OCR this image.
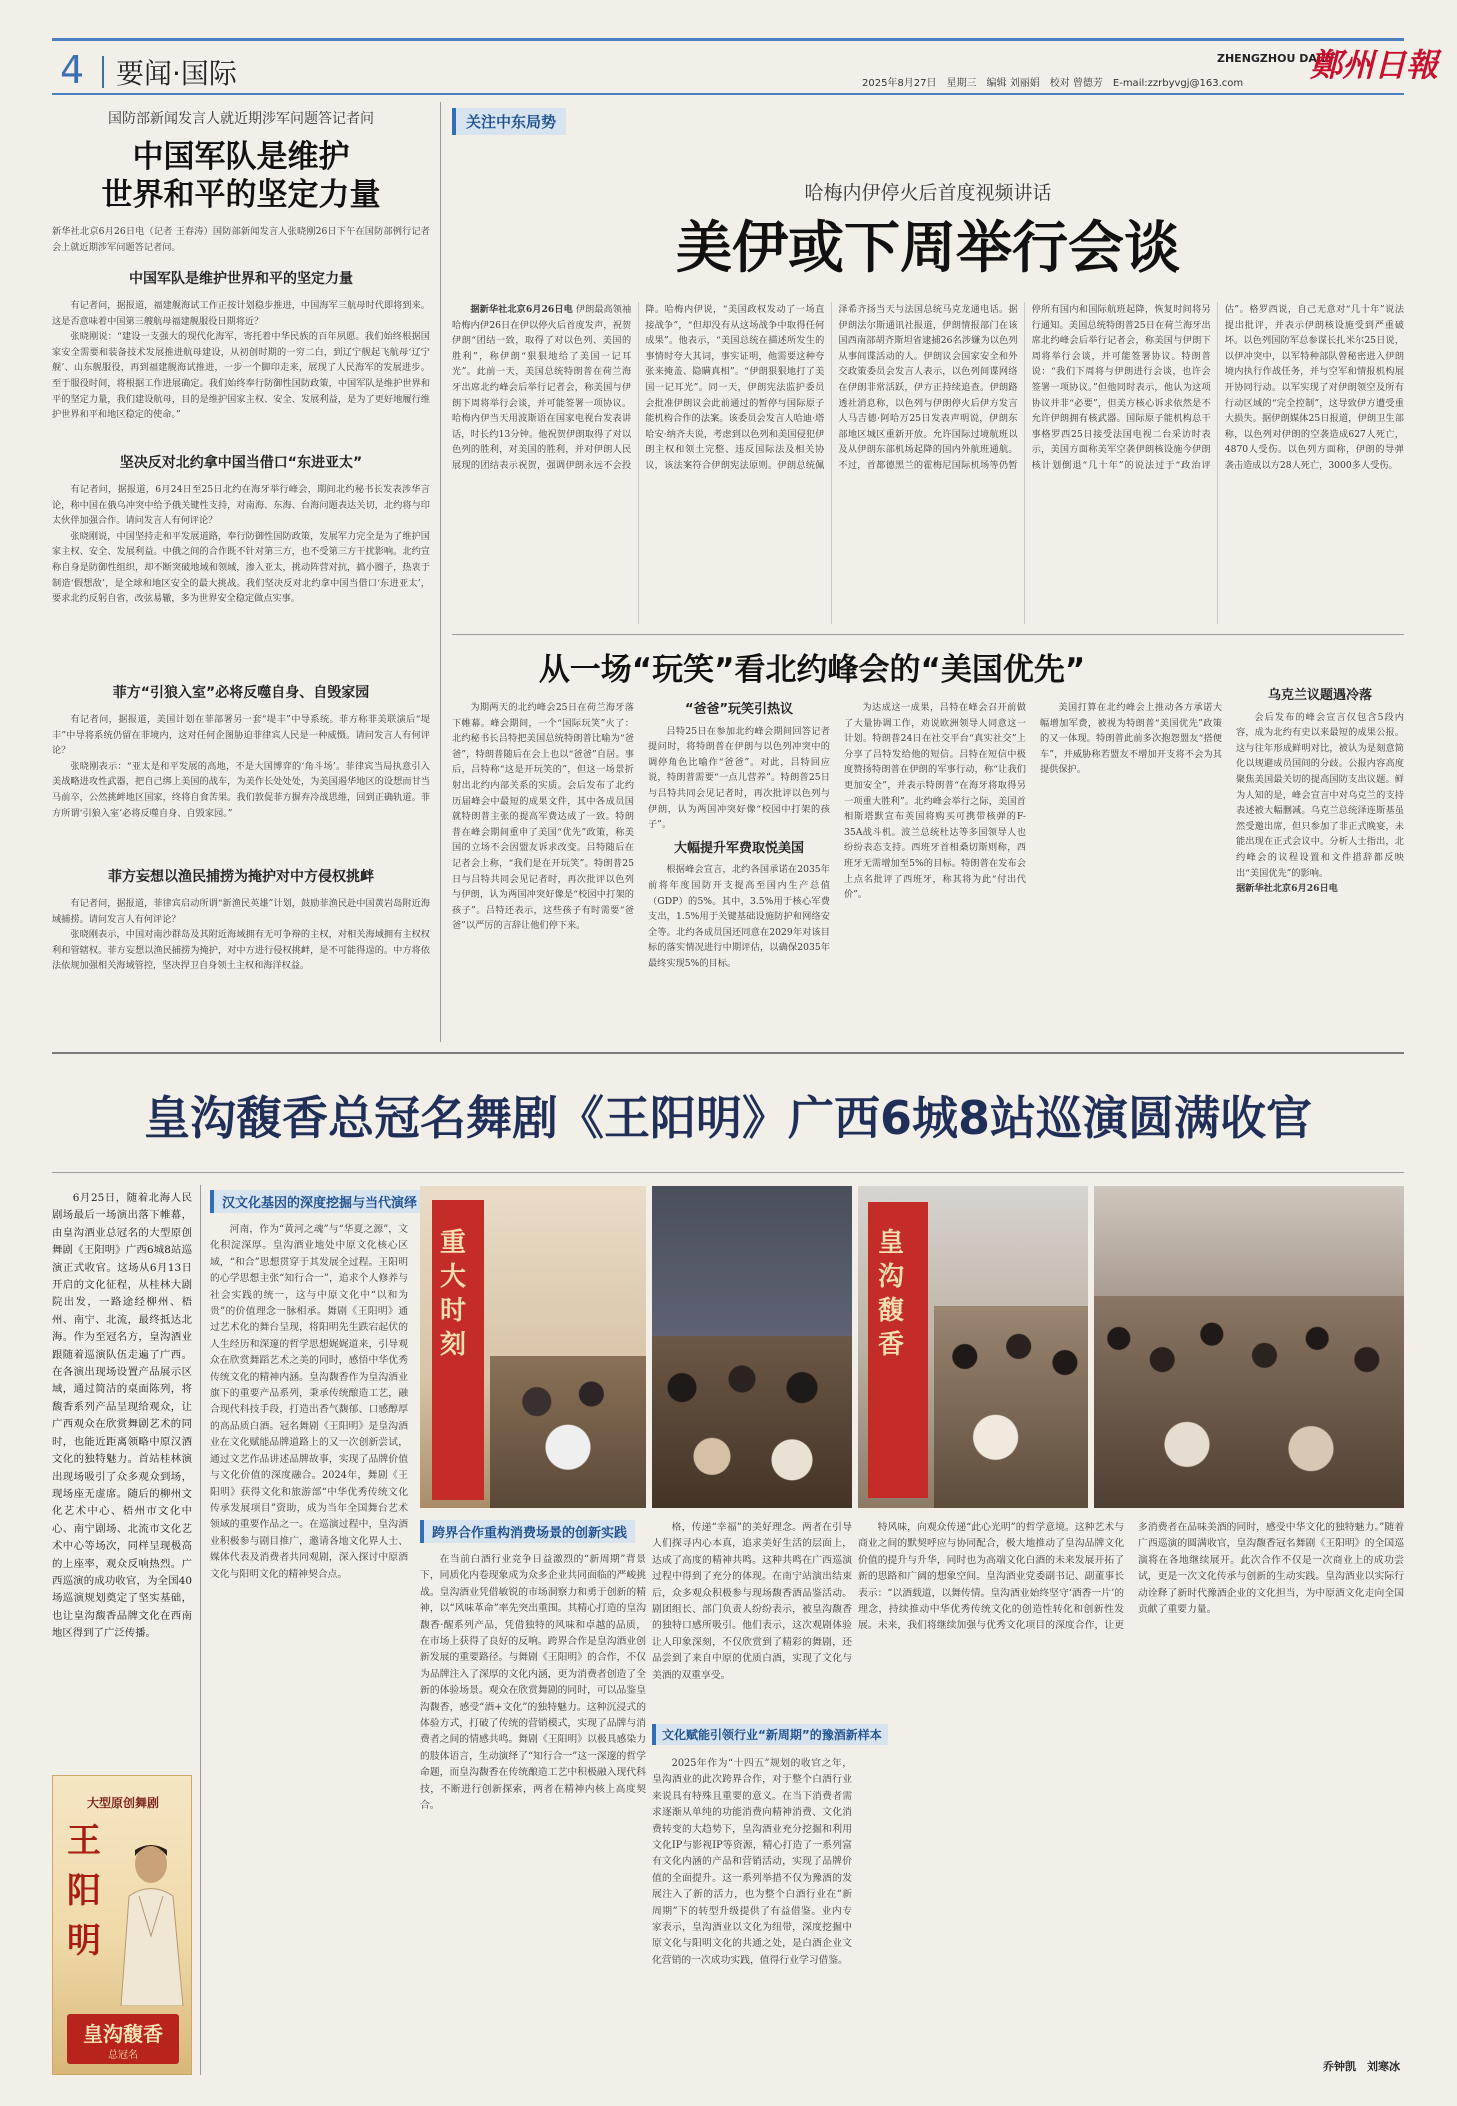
4 要闻·国际	2025年8月27日　星期三　编辑 刘丽娟　校对 曾德芳　E-mail:zzrbyvgj@163.com
ZHENGZHOU DAILY
鄭州日報
国防部新闻发言人就近期涉军问题答记者问
中国军队是维护
世界和平的坚定力量
新华社北京6月26日电（记者 王春涛）国防部新闻发言人张晓刚26日下午在国防部例行记者会上就近期涉军问题答记者问。
中国军队是维护世界和平的坚定力量

有记者问，据报道，福建舰海试工作正按计划稳步推进，中国海军三航母时代即将到来。这是否意味着中国第三艘航母福建舰服役日期将近？

张晓刚说：“建设一支强大的现代化海军，寄托着中华民族的百年夙愿。我们始终根据国家安全需要和装备技术发展推进航母建设，从初创时期的一穷二白，到辽宁舰起飞航母‘辽宁舰’、山东舰服役，再到福建舰海试推进，一步一个脚印走来，展现了人民海军的发展进步。至于服役时间，将根据工作进展确定。我们始终奉行防御性国防政策，中国军队是维护世界和平的坚定力量，我们建设航母，目的是维护国家主权、安全、发展利益，是为了更好地履行维护世界和平和地区稳定的使命。”

坚决反对北约拿中国当借口“东进亚太”

有记者问，据报道，6月24日至25日北约在海牙举行峰会，期间北约秘书长发表涉华言论，称中国在俄乌冲突中给予俄关键性支持，对南海、东海、台海问题表达关切，北约将与印太伙伴加强合作。请问发言人有何评论？

张晓刚说，中国坚持走和平发展道路，奉行防御性国防政策，发展军力完全是为了维护国家主权、安全、发展利益。中俄之间的合作既不针对第三方，也不受第三方干扰影响。北约宣称自身是防御性组织，却不断突破地域和领域，渗入亚太，挑动阵营对抗，搞小圈子，热衷于制造‘假想敌’，是全球和地区安全的最大挑战。我们坚决反对北约拿中国当借口‘东进亚太’，要求北约反躬自省，改弦易辙，多为世界安全稳定做点实事。

菲方“引狼入室”必将反噬自身、自毁家园

有记者问，据报道，美国计划在菲部署另一套“堤丰”中导系统。菲方称菲美联演后“堤丰”中导将系统仍留在菲境内，这对任何企图胁迫菲律宾人民是一种威慑。请问发言人有何评论？

张晓刚表示：“亚太是和平发展的高地，不是大国博弈的‘角斗场’。菲律宾当局执意引入美战略进攻性武器，把自己绑上美国的战车，为美作长处处处，为美国遏华地区的设想而甘当马前卒，公然挑衅地区国家，终将自食苦果。我们敦促菲方摒弃冷战思维，回到正确轨道。菲方所谓‘引狼入室’必将反噬自身、自毁家园。”

菲方妄想以渔民捕捞为掩护对中方侵权挑衅

有记者问，据报道，菲律宾启动所谓“新渔民英雄”计划，鼓励菲渔民赴中国黄岩岛附近海域捕捞。请问发言人有何评论？

张晓刚表示，中国对南沙群岛及其附近海域拥有无可争辩的主权，对相关海域拥有主权权利和管辖权。菲方妄想以渔民捕捞为掩护，对中方进行侵权挑衅，是不可能得逞的。中方将依法依规加强相关海域管控，坚决捍卫自身领土主权和海洋权益。

关注中东局势
哈梅内伊停火后首度视频讲话
美伊或下周举行会谈

据新华社北京6月26日电 伊朗最高领袖哈梅内伊26日在伊以停火后首度发声，祝贺伊朗“团结一致，取得了对以色列、美国的胜利”，称伊朗“狠狠地给了美国一记耳光”。此前一天，美国总统特朗普在荷兰海牙出席北约峰会后举行记者会，称美国与伊朗下周将举行会谈，并可能签署一项协议。哈梅内伊当天用波斯语在国家电视台发表讲话，时长约13分钟。他祝贺伊朗取得了对以色列的胜利，对美国的胜利，并对伊朗人民展现的团结表示祝贺，强调伊朗永远不会投降。哈梅内伊说，“美国政权发动了一场直接战争”，“但却没有从这场战争中取得任何成果”。他表示，“美国总统在描述所发生的事情时夸大其词，事实证明，他需要这种夸张来掩盖、隐瞒真相”。“伊朗狠狠地打了美国一记耳光”。同一天，伊朗宪法监护委员会批准伊朗议会此前通过的暂停与国际原子能机构合作的法案。该委员会发言人哈迪·塔哈安·纳齐夫说，考虑到以色列和美国侵犯伊朗主权和领土完整、违反国际法及相关协议，该法案符合伊朗宪法原则。伊朗总统佩泽希齐扬当天与法国总统马克龙通电话。据伊朗法尔斯通讯社报道，伊朗情报部门在该国西南部胡齐斯坦省逮捕26名涉嫌为以色列从事间谍活动的人。伊朗议会国家安全和外交政策委员会发言人表示，以色列间谍网络在伊朗非常活跃，伊方正持续追查。伊朗路透社消息称，以色列与伊朗停火后伊方发言人马吉德·阿哈万25日发表声明说，伊朗东部地区城区重新开放。允许国际过境航班以及从伊朗东部机场起降的国内外航班通航。不过，首都德黑兰的霍梅尼国际机场等仍暂停所有国内和国际航班起降，恢复时间将另行通知。美国总统特朗普25日在荷兰海牙出席北约峰会后举行记者会，称美国与伊朗下周将举行会谈，并可能签署协议。特朗普说：“我们下周将与伊朗进行会谈，也许会签署一项协议。”但他同时表示，他认为这项协议并非“必要”，但美方核心诉求依然是不允许伊朗拥有核武器。国际原子能机构总干事格罗西25日接受法国电视二台采访时表示，美国方面称美军空袭伊朗核设施今伊朗核计划倒退“几十年”的说法过于“政治评估”。格罗西说，自己无意对“几十年”说法提出批评，并表示伊朗核设施受到严重破坏。以色列国防军总参谋长扎米尔25日说，以伊冲突中，以军特种部队曾秘密进入伊朗境内执行作战任务，并与空军和情报机构展开协同行动。以军实现了对伊朗领空及所有行动区域的“完全控制”，这导致伊方遭受重大损失。据伊朗媒体25日报道，伊朗卫生部称，以色列对伊朗的空袭造成627人死亡，4870人受伤。以色列方面称，伊朗的导弹袭击造成以方28人死亡，3000多人受伤。

从一场“玩笑”看北约峰会的“美国优先”

为期两天的北约峰会25日在荷兰海牙落下帷幕。峰会期间，一个“国际玩笑”火了：北约秘书长吕特把美国总统特朗普比喻为“爸爸”，特朗普随后在会上也以“爸爸”自居。事后，吕特称“这是开玩笑的”，但这一场景折射出北约内部关系的实质。会后发布了北约历届峰会中最短的成果文件，其中各成员国就特朗普主张的提高军费达成了一致。特朗普在峰会期间重申了美国“优先”政策，称美国的立场不会因盟友诉求改变。吕特随后在记者会上称，“我们是在开玩笑”。特朗普25日与吕特共同会见记者时，再次批评以色列与伊朗，认为两国冲突好像是“校园中打架的孩子”。吕特还表示，这些孩子有时需要“爸爸”以严厉的言辞让他们停下来。

“爸爸”玩笑引热议

吕特25日在参加北约峰会期间回答记者提问时，将特朗普在伊朗与以色列冲突中的调停角色比喻作“爸爸”。对此，吕特回应说，特朗普需要“一点儿营养”。特朗普25日与吕特共同会见记者时，再次批评以色列与伊朗，认为两国冲突好像“校园中打架的孩子”。

大幅提升军费取悦美国

根据峰会宣言，北约各国承诺在2035年前将年度国防开支提高至国内生产总值（GDP）的5%。其中，3.5%用于核心军费支出，1.5%用于关键基础设施防护和网络安全等。北约各成员国还同意在2029年对该目标的落实情况进行中期评估，以确保2035年最终实现5%的目标。

为达成这一成果，吕特在峰会召开前做了大量协调工作，劝说欧洲领导人同意这一计划。特朗普24日在社交平台“真实社交”上分享了吕特发给他的短信。吕特在短信中极度赞扬特朗普在伊朗的军事行动，称“让我们更加安全”，并表示特朗普“在海牙将取得另一项重大胜利”。北约峰会举行之际，美国首相斯塔默宣布英国将购买可携带核弹的F-35A战斗机。波兰总统杜达等多国领导人也纷纷表态支持。西班牙首相桑切斯则称，西班牙无需增加至5%的目标。特朗普在发布会上点名批评了西班牙，称其将为此“付出代价”。

美国打算在北约峰会上推动各方承诺大幅增加军费，被视为特朗普“美国优先”政策的又一体现。特朗普此前多次抱怨盟友“搭便车”，并威胁称若盟友不增加开支将不会为其提供保护。

乌克兰议题遇冷落

会后发布的峰会宣言仅包含5段内容，成为北约有史以来最短的成果公报。这与往年形成鲜明对比，被认为是刻意简化以规避成员国间的分歧。公报内容高度聚焦美国最关切的提高国防支出议题。鲜为人知的是，峰会宣言中对乌克兰的支持表述被大幅删减。乌克兰总统泽连斯基虽然受邀出席，但只参加了非正式晚宴，未能出现在正式会议中。分析人士指出，北约峰会的议程设置和文件措辞都反映出“美国优先”的影响。

据新华社北京6月26日电

皇沟馥香总冠名舞剧《王阳明》广西6城8站巡演圆满收官

6月25日，随着北海人民剧场最后一场演出落下帷幕，由皇沟酒业总冠名的大型原创舞剧《王阳明》广西6城8站巡演正式收官。这场从6月13日开启的文化征程，从桂林大剧院出发，一路途经柳州、梧州、南宁、北流，最终抵达北海。作为至冠名方，皇沟酒业跟随着巡演队伍走遍了广西。在各演出现场设置产品展示区域，通过简洁的桌面陈列，将馥香系列产品呈现给观众，让广西观众在欣赏舞剧艺术的同时，也能近距离领略中原汉酒文化的独特魅力。首站桂林演出现场吸引了众多观众到场，现场座无虚席。随后的柳州文化艺术中心、梧州市文化中心、南宁剧场、北流市文化艺术中心等场次，同样呈现极高的上座率，观众反响热烈。广西巡演的成功收官，为全国40场巡演规划奠定了坚实基础，也让皇沟馥香品牌文化在西南地区得到了广泛传播。

大型原创舞剧
王阳明
皇沟馥香
总冠名
汉文化基因的深度挖掘与当代演绎

河南，作为“黄河之魂”与“华夏之源”，文化积淀深厚。皇沟酒业地处中原文化核心区域，“和合”思想贯穿于其发展全过程。王阳明的心学思想主张“知行合一”，追求个人修养与社会实践的统一，这与中原文化中“以和为贵”的价值理念一脉相承。舞剧《王阳明》通过艺术化的舞台呈现，将阳明先生跌宕起伏的人生经历和深邃的哲学思想娓娓道来，引导观众在欣赏舞蹈艺术之美的同时，感悟中华优秀传统文化的精神内涵。皇沟馥香作为皇沟酒业旗下的重要产品系列，秉承传统酿造工艺，融合现代科技手段，打造出香气馥郁、口感醇厚的高品质白酒。冠名舞剧《王阳明》是皇沟酒业在文化赋能品牌道路上的又一次创新尝试，通过文艺作品讲述品牌故事，实现了品牌价值与文化价值的深度融合。2024年，舞剧《王阳明》获得文化和旅游部“中华优秀传统文化传承发展项目”资助，成为当年全国舞台艺术领域的重要作品之一。在巡演过程中，皇沟酒业积极参与剧目推广，邀请各地文化界人士、媒体代表及消费者共同观剧，深入探讨中原酒文化与阳明文化的精神契合点。

重大时刻
皇沟馥香
跨界合作重构消费场景的创新实践

在当前白酒行业竞争日益激烈的“新周期”背景下，同质化内卷现象成为众多企业共同面临的严峻挑战。皇沟酒业凭借敏锐的市场洞察力和勇于创新的精神，以“风味革命”率先突出重围。其精心打造的皇沟馥香·醒系列产品，凭借独特的风味和卓越的品质，在市场上获得了良好的反响。跨界合作是皇沟酒业创新发展的重要路径。与舞剧《王阳明》的合作，不仅为品牌注入了深厚的文化内涵，更为消费者创造了全新的体验场景。观众在欣赏舞剧的同时，可以品鉴皇沟馥香，感受“酒+文化”的独特魅力。这种沉浸式的体验方式，打破了传统的营销模式，实现了品牌与消费者之间的情感共鸣。舞剧《王阳明》以极具感染力的肢体语言，生动演绎了“知行合一”这一深邃的哲学命题，而皇沟馥香在传统酿造工艺中积极融入现代科技，不断进行创新探索，两者在精神内核上高度契合。

格，传递“幸福”的美好理念。两者在引导人们探寻内心本真，追求美好生活的层面上，达成了高度的精神共鸣。这种共鸣在广西巡演过程中得到了充分的体现。在南宁站演出结束后，众多观众积极参与现场馥香酒品鉴活动。剧团组长、部门负责人纷纷表示，被皇沟馥香的独特口感所吸引。他们表示，这次观剧体验让人印象深刻，不仅欣赏到了精彩的舞剧，还品尝到了来自中原的优质白酒，实现了文化与美酒的双重享受。

文化赋能引领行业“新周期”的豫酒新样本

2025年作为“十四五”规划的收官之年，皇沟酒业的此次跨界合作，对于整个白酒行业来说具有特殊且重要的意义。在当下消费者需求逐渐从单纯的功能消费向精神消费、文化消费转变的大趋势下，皇沟酒业充分挖掘和利用文化IP与影视IP等资源，精心打造了一系列富有文化内涵的产品和营销活动，实现了品牌价值的全面提升。这一系列举措不仅为豫酒的发展注入了新的活力，也为整个白酒行业在“新周期”下的转型升级提供了有益借鉴。业内专家表示，皇沟酒业以文化为纽带，深度挖掘中原文化与阳明文化的共通之处，是白酒企业文化营销的一次成功实践，值得行业学习借鉴。

特风味，向观众传递“此心光明”的哲学意境。这种艺术与商业之间的默契呼应与协同配合，极大地推动了皇沟品牌文化价值的提升与升华，同时也为高端文化白酒的未来发展开拓了新的思路和广阔的想象空间。皇沟酒业党委副书记、副董事长表示：“以酒载道，以舞传情。皇沟酒业始终坚守‘酒香一片’的理念，持续推动中华优秀传统文化的创造性转化和创新性发展。未来，我们将继续加强与优秀文化项目的深度合作，让更多消费者在品味美酒的同时，感受中华文化的独特魅力。”随着广西巡演的圆满收官，皇沟馥香冠名舞剧《王阳明》的全国巡演将在各地继续展开。此次合作不仅是一次商业上的成功尝试，更是一次文化传承与创新的生动实践。皇沟酒业以实际行动诠释了新时代豫酒企业的文化担当，为中原酒文化走向全国贡献了重要力量。

乔钟凯　刘寒冰
